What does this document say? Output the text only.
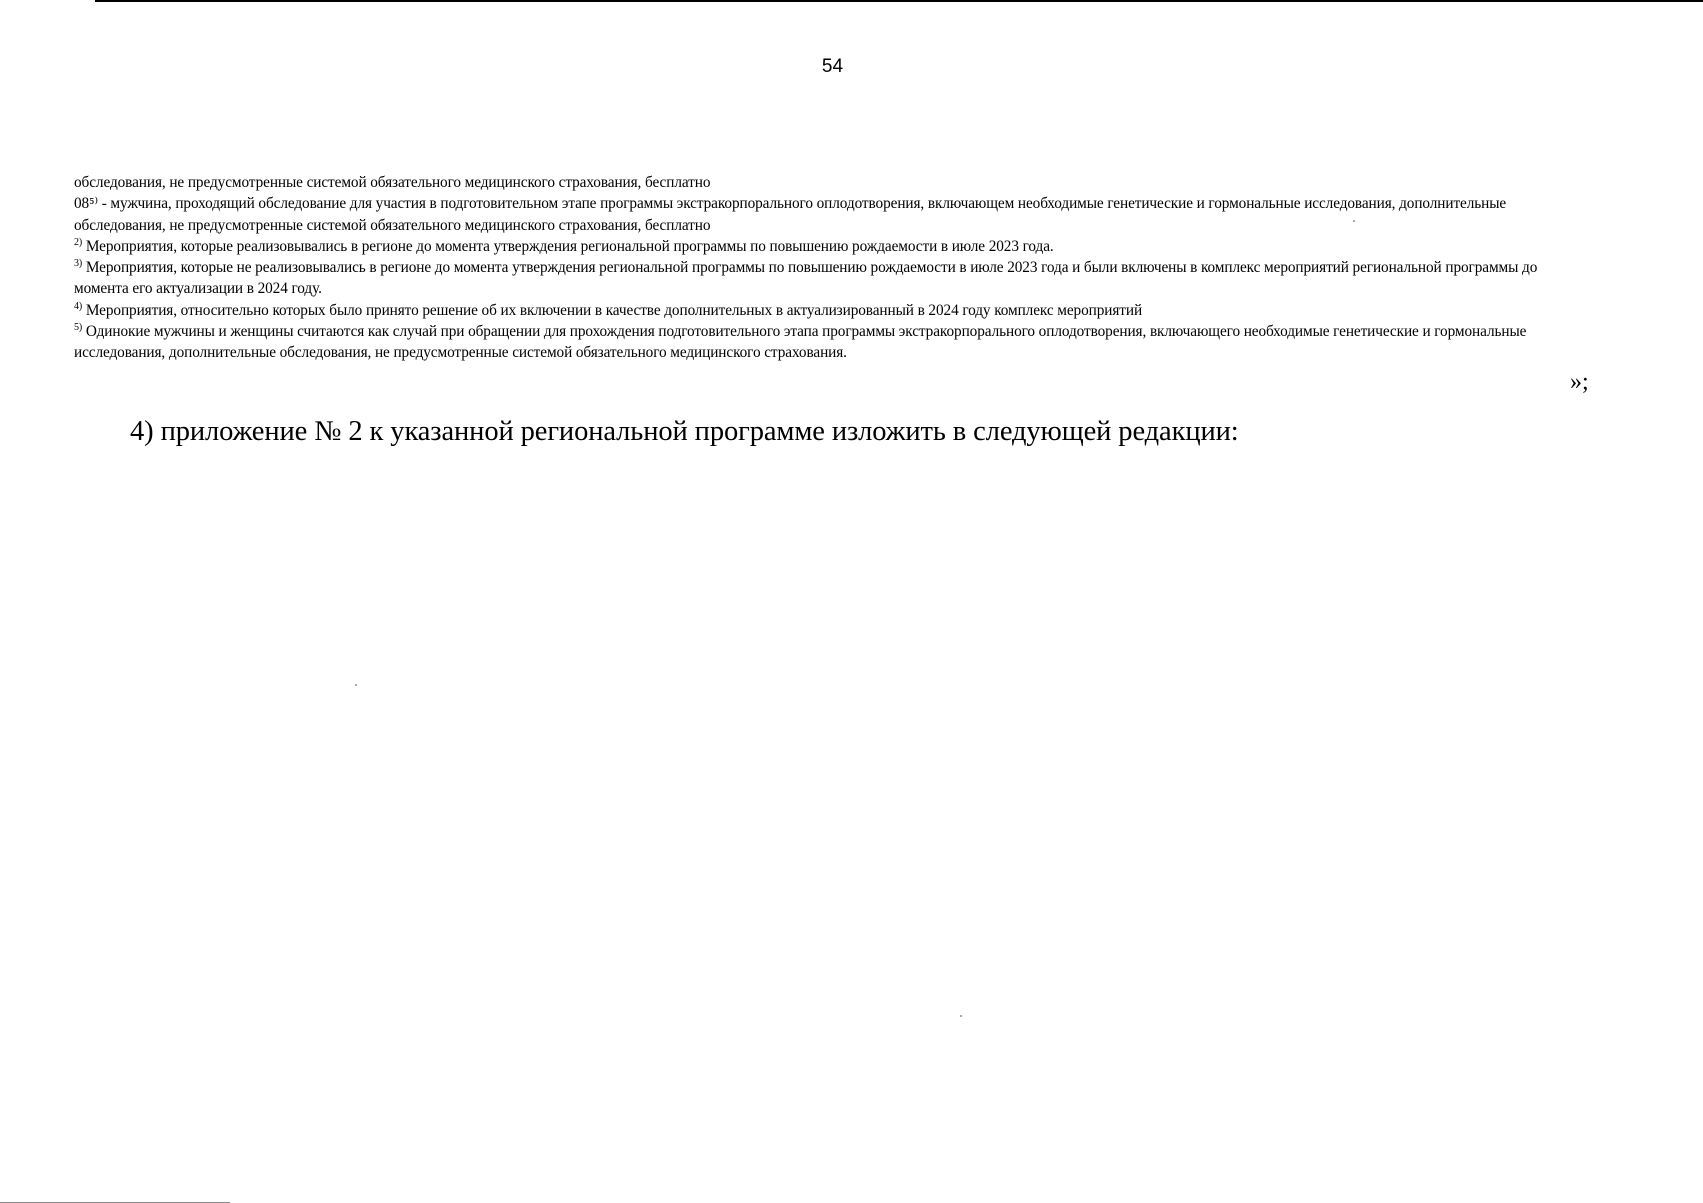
54

обследования, не предусмотренные системой обязательного медицинского страхования, бесплатно

08⁵⁾ - мужчина, проходящий обследование для участия в подготовительном этапе программы экстракорпорального оплодотворения, включающем необходимые генетические и гормональные исследования, дополнительные обследования, не предусмотренные системой обязательного медицинского страхования, бесплатно

$^{2)}$ Мероприятия, которые реализовывались в регионе до момента утверждения региональной программы по повышению рождаемости в июле 2023 года.

$^{3)}$ Мероприятия, которые не реализовывались в регионе до момента утверждения региональной программы по повышению рождаемости в июле 2023 года и были включены в комплекс мероприятий региональной программы до момента его актуализации в 2024 году.

$^{4)}$ Мероприятия, относительно которых было принято решение об их включении в качестве дополнительных в актуализированный в 2024 году комплекс мероприятий

$^{5)}$ Одинокие мужчины и женщины считаются как случай при обращении для прохождения подготовительного этапа программы экстракорпорального оплодотворения, включающего необходимые генетические и гормональные исследования, дополнительные обследования, не предусмотренные системой обязательного медицинского страхования.

»;
4) приложение № 2 к указанной региональной программе изложить в следующей редакции:
